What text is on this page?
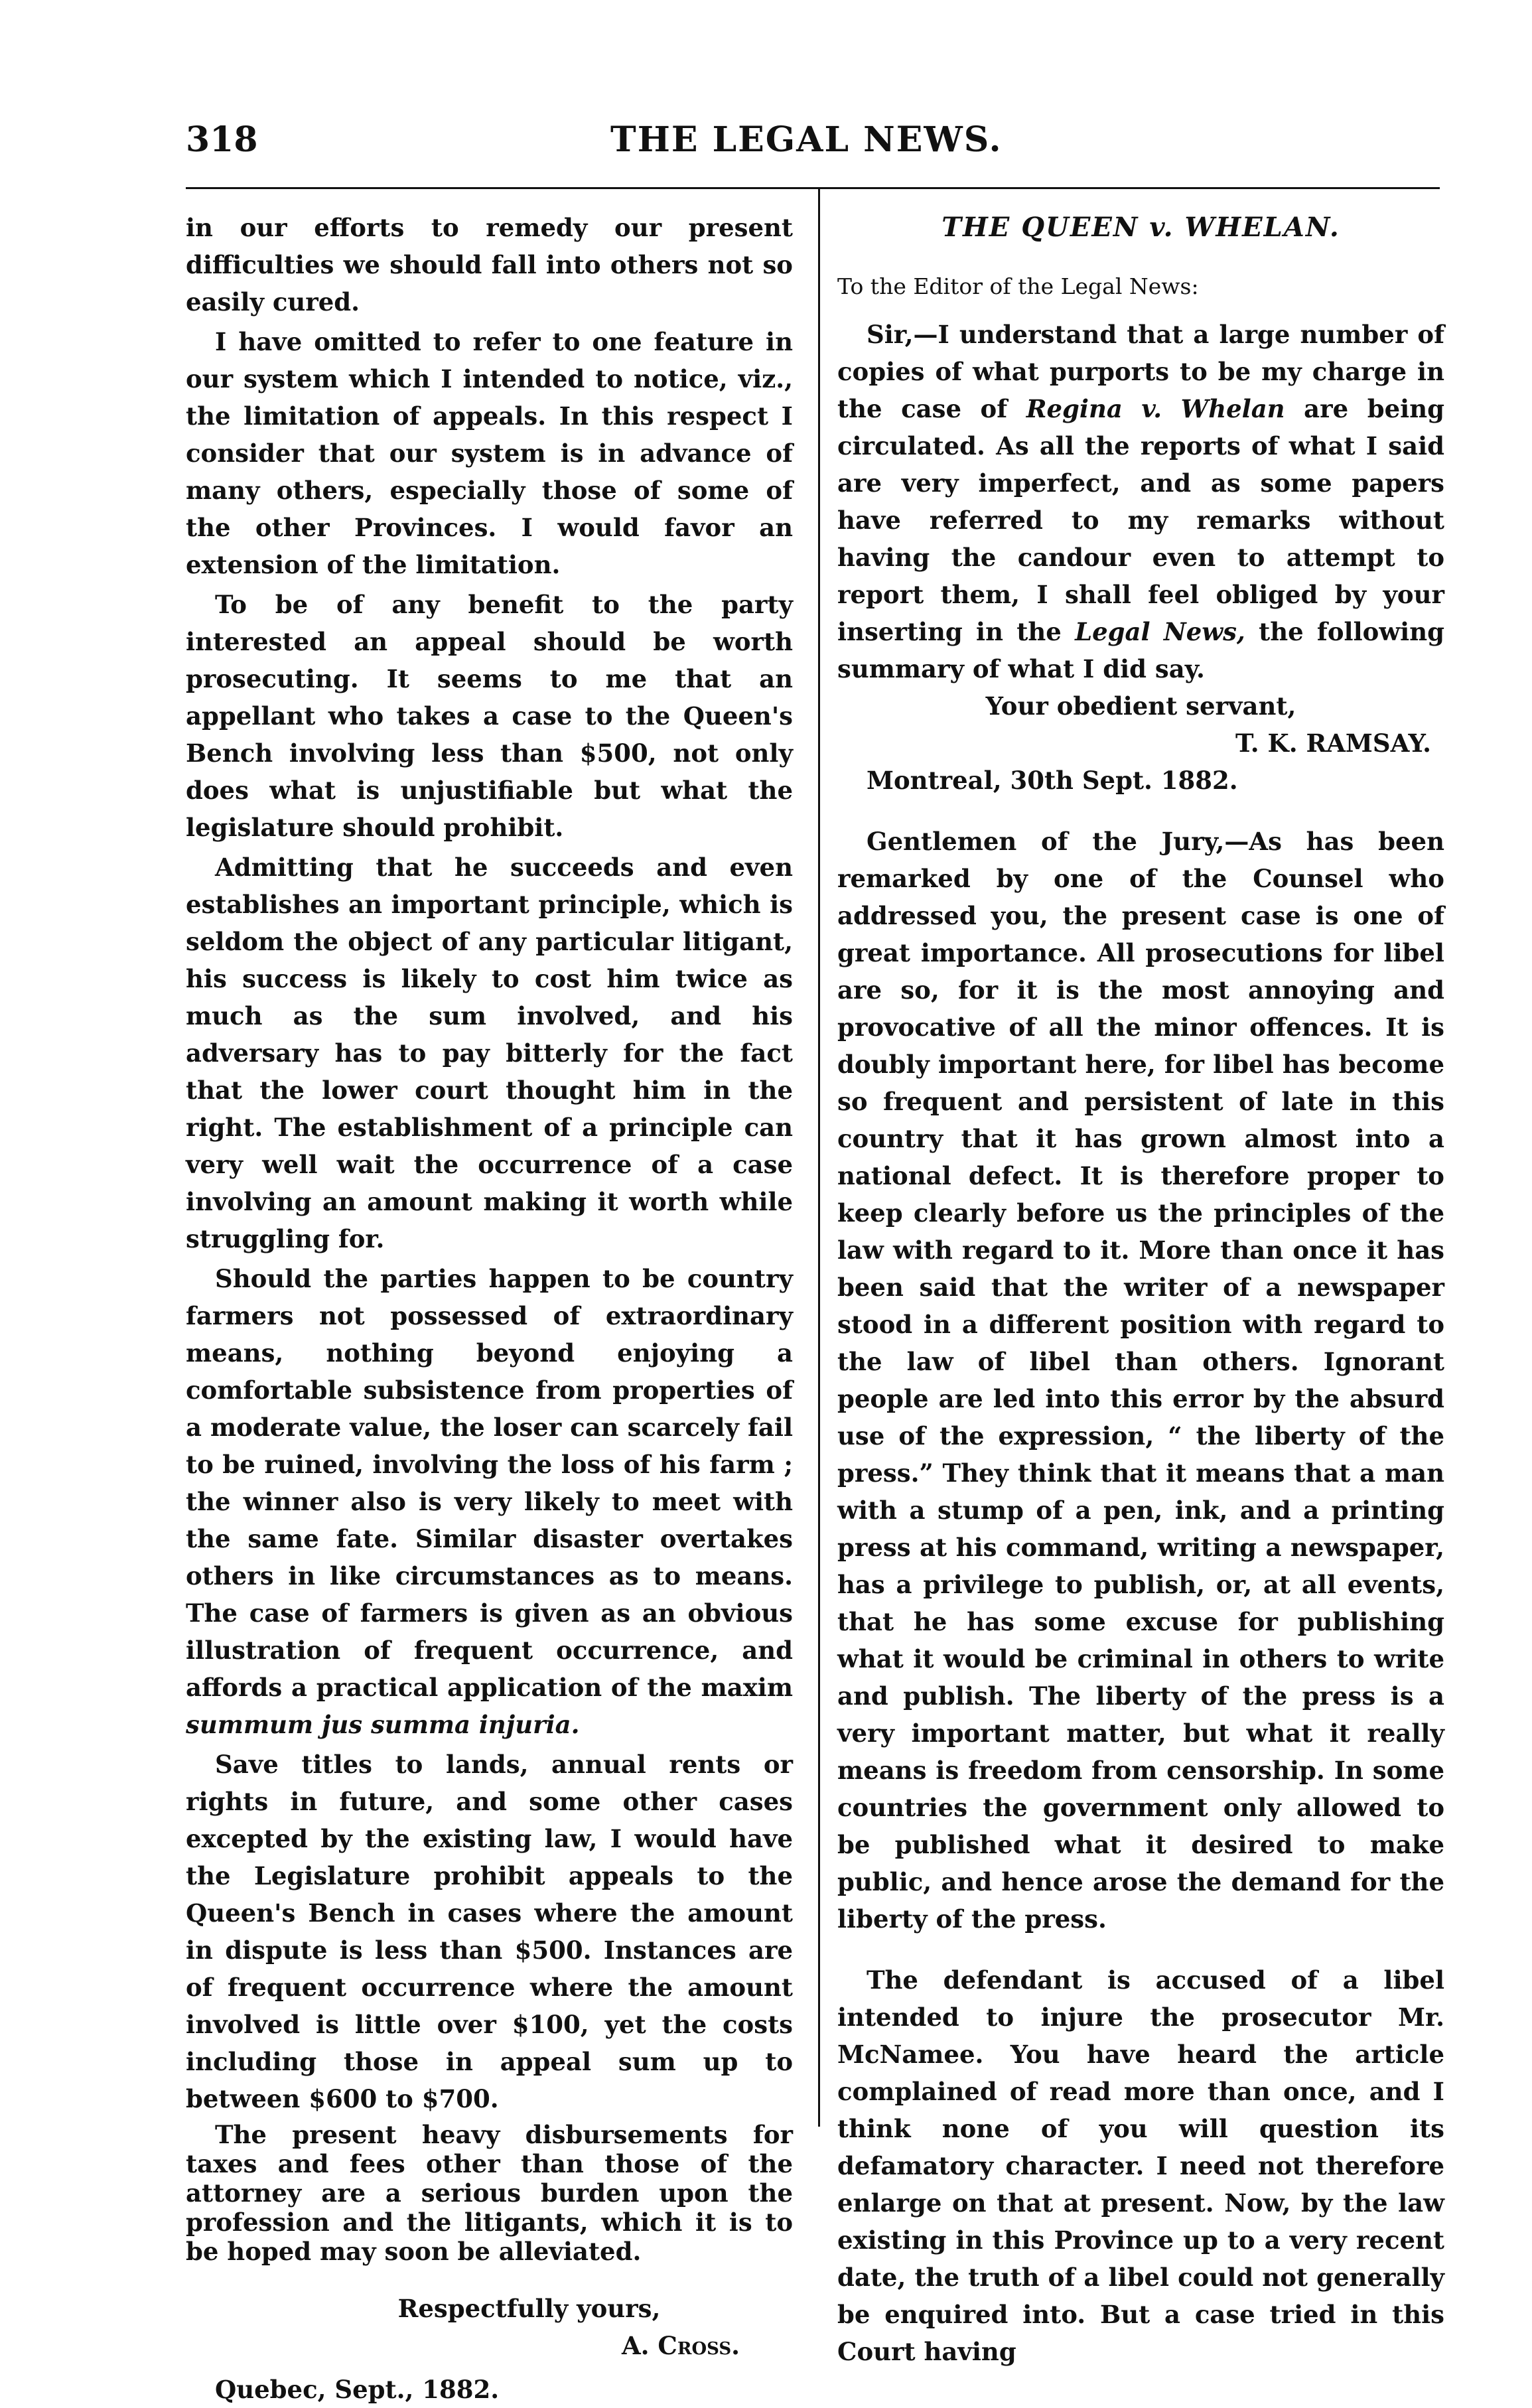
318	THE LEGAL NEWS.

in our efforts to remedy our present difficulties we should fall into others not so easily cured.

I have omitted to refer to one feature in our system which I intended to notice, viz., the limitation of appeals. In this respect I consider that our system is in advance of many others, especially those of some of the other Provinces. I would favor an extension of the limitation.

To be of any benefit to the party interested an appeal should be worth prosecuting. It seems to me that an appellant who takes a case to the Queen's Bench involving less than $500, not only does what is unjustifiable but what the legislature should prohibit.

Admitting that he succeeds and even establishes an important principle, which is seldom the object of any particular litigant, his success is likely to cost him twice as much as the sum involved, and his adversary has to pay bitterly for the fact that the lower court thought him in the right. The establishment of a principle can very well wait the occurrence of a case involving an amount making it worth while struggling for.

Should the parties happen to be country farmers not possessed of extraordinary means, nothing beyond enjoying a comfortable subsistence from properties of a moderate value, the loser can scarcely fail to be ruined, involving the loss of his farm ; the winner also is very likely to meet with the same fate. Similar disaster overtakes others in like circumstances as to means. The case of farmers is given as an obvious illustration of frequent occurrence, and affords a practical application of the maxim summum jus summa injuria.

Save titles to lands, annual rents or rights in future, and some other cases excepted by the existing law, I would have the Legislature prohibit appeals to the Queen's Bench in cases where the amount in dispute is less than $500. Instances are of frequent occurrence where the amount involved is little over $100, yet the costs including those in appeal sum up to between $600 to $700.

The present heavy disbursements for taxes and fees other than those of the attorney are a serious burden upon the profession and the litigants, which it is to be hoped may soon be alleviated.

Respectfully yours,

A. Cross.

Quebec, Sept., 1882.

THE QUEEN v. WHELAN.

To the Editor of the Legal News:

Sir,—I understand that a large number of copies of what purports to be my charge in the case of Regina v. Whelan are being circulated. As all the reports of what I said are very imperfect, and as some papers have referred to my remarks without having the candour even to attempt to report them, I shall feel obliged by your inserting in the Legal News, the following summary of what I did say.

Your obedient servant,

T. K. RAMSAY.

Montreal, 30th Sept. 1882.

Gentlemen of the Jury,—As has been remarked by one of the Counsel who addressed you, the present case is one of great importance. All prosecutions for libel are so, for it is the most annoying and provocative of all the minor offences. It is doubly important here, for libel has become so frequent and persistent of late in this country that it has grown almost into a national defect. It is therefore proper to keep clearly before us the principles of the law with regard to it. More than once it has been said that the writer of a newspaper stood in a different position with regard to the law of libel than others. Ignorant people are led into this error by the absurd use of the expression, “ the liberty of the press.” They think that it means that a man with a stump of a pen, ink, and a printing press at his command, writing a newspaper, has a privilege to publish, or, at all events, that he has some excuse for publishing what it would be criminal in others to write and publish. The liberty of the press is a very important matter, but what it really means is freedom from censorship. In some countries the government only allowed to be published what it desired to make public, and hence arose the demand for the liberty of the press.

The defendant is accused of a libel intended to injure the prosecutor Mr. McNamee. You have heard the article complained of read more than once, and I think none of you will question its defamatory character. I need not therefore enlarge on that at present. Now, by the law existing in this Province up to a very recent date, the truth of a libel could not generally be enquired into. But a case tried in this Court having
